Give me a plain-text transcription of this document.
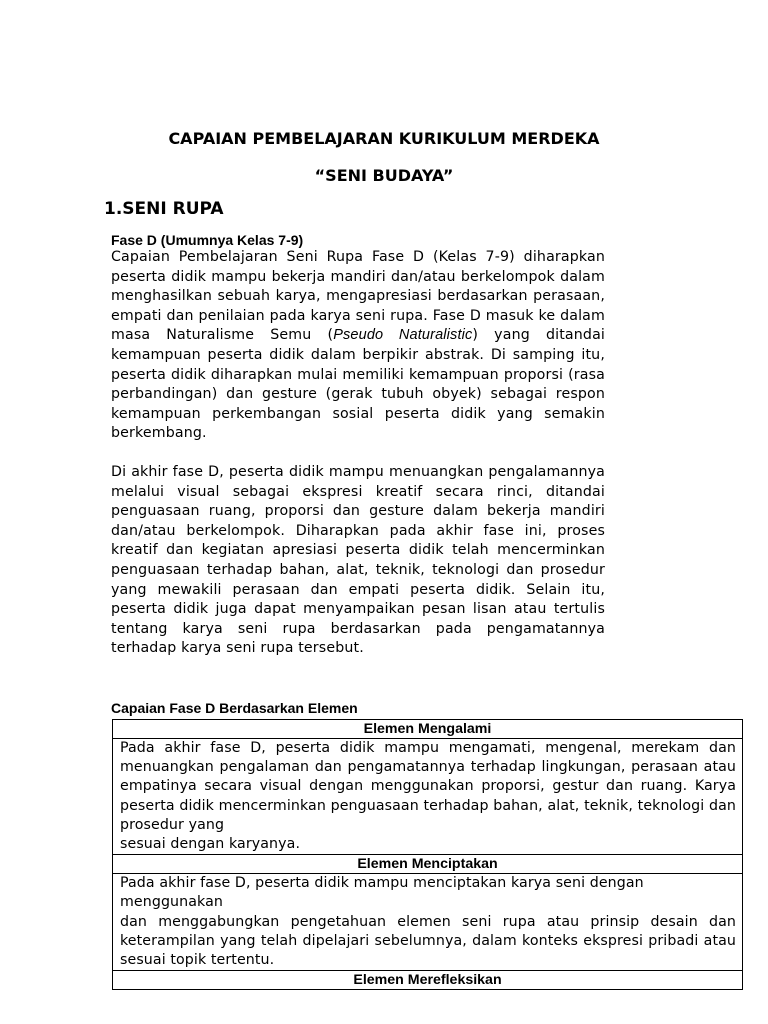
CAPAIAN PEMBELAJARAN KURIKULUM MERDEKA
“SENI BUDAYA”
1.SENI RUPA
Fase D (Umumnya Kelas 7-9)
Capaian Pembelajaran Seni Rupa Fase D (Kelas 7-9) diharapkan peserta didik mampu bekerja mandiri dan/atau berkelompok dalam menghasilkan sebuah karya, mengapresiasi berdasarkan perasaan, empati dan penilaian pada karya seni rupa. Fase D masuk ke dalam masa Naturalisme Semu (Pseudo Naturalistic) yang ditandai kemampuan peserta didik dalam berpikir abstrak. Di samping itu, peserta didik diharapkan mulai memiliki kemampuan proporsi (rasa perbandingan) dan gesture (gerak tubuh obyek) sebagai respon kemampuan perkembangan sosial peserta didik yang semakin berkembang.
Di akhir fase D, peserta didik mampu menuangkan pengalamannya melalui visual sebagai ekspresi kreatif secara rinci, ditandai penguasaan ruang, proporsi dan gesture dalam bekerja mandiri dan/atau berkelompok. Diharapkan pada akhir fase ini, proses kreatif dan kegiatan apresiasi peserta didik telah mencerminkan penguasaan terhadap bahan, alat, teknik, teknologi dan prosedur yang mewakili perasaan dan empati peserta didik. Selain itu, peserta didik juga dapat menyampaikan pesan lisan atau tertulis tentang karya seni rupa berdasarkan pada pengamatannya terhadap karya seni rupa tersebut.
Capaian Fase D Berdasarkan Elemen
Elemen Mengalami

Pada akhir fase D, peserta didik mampu mengamati, mengenal, merekam dan menuangkan pengalaman dan pengamatannya terhadap lingkungan, perasaan atau empatinya secara visual dengan menggunakan proporsi, gestur dan ruang. Karya peserta didik mencerminkan penguasaan terhadap bahan, alat, teknik, teknologi dan prosedur yang
sesuai dengan karyanya.

Elemen Menciptakan

Pada akhir fase D, peserta didik mampu menciptakan karya seni dengan menggunakan
dan menggabungkan pengetahuan elemen seni rupa atau prinsip desain dan keterampilan yang telah dipelajari sebelumnya, dalam konteks ekspresi pribadi atau sesuai topik tertentu.

Elemen Merefleksikan
